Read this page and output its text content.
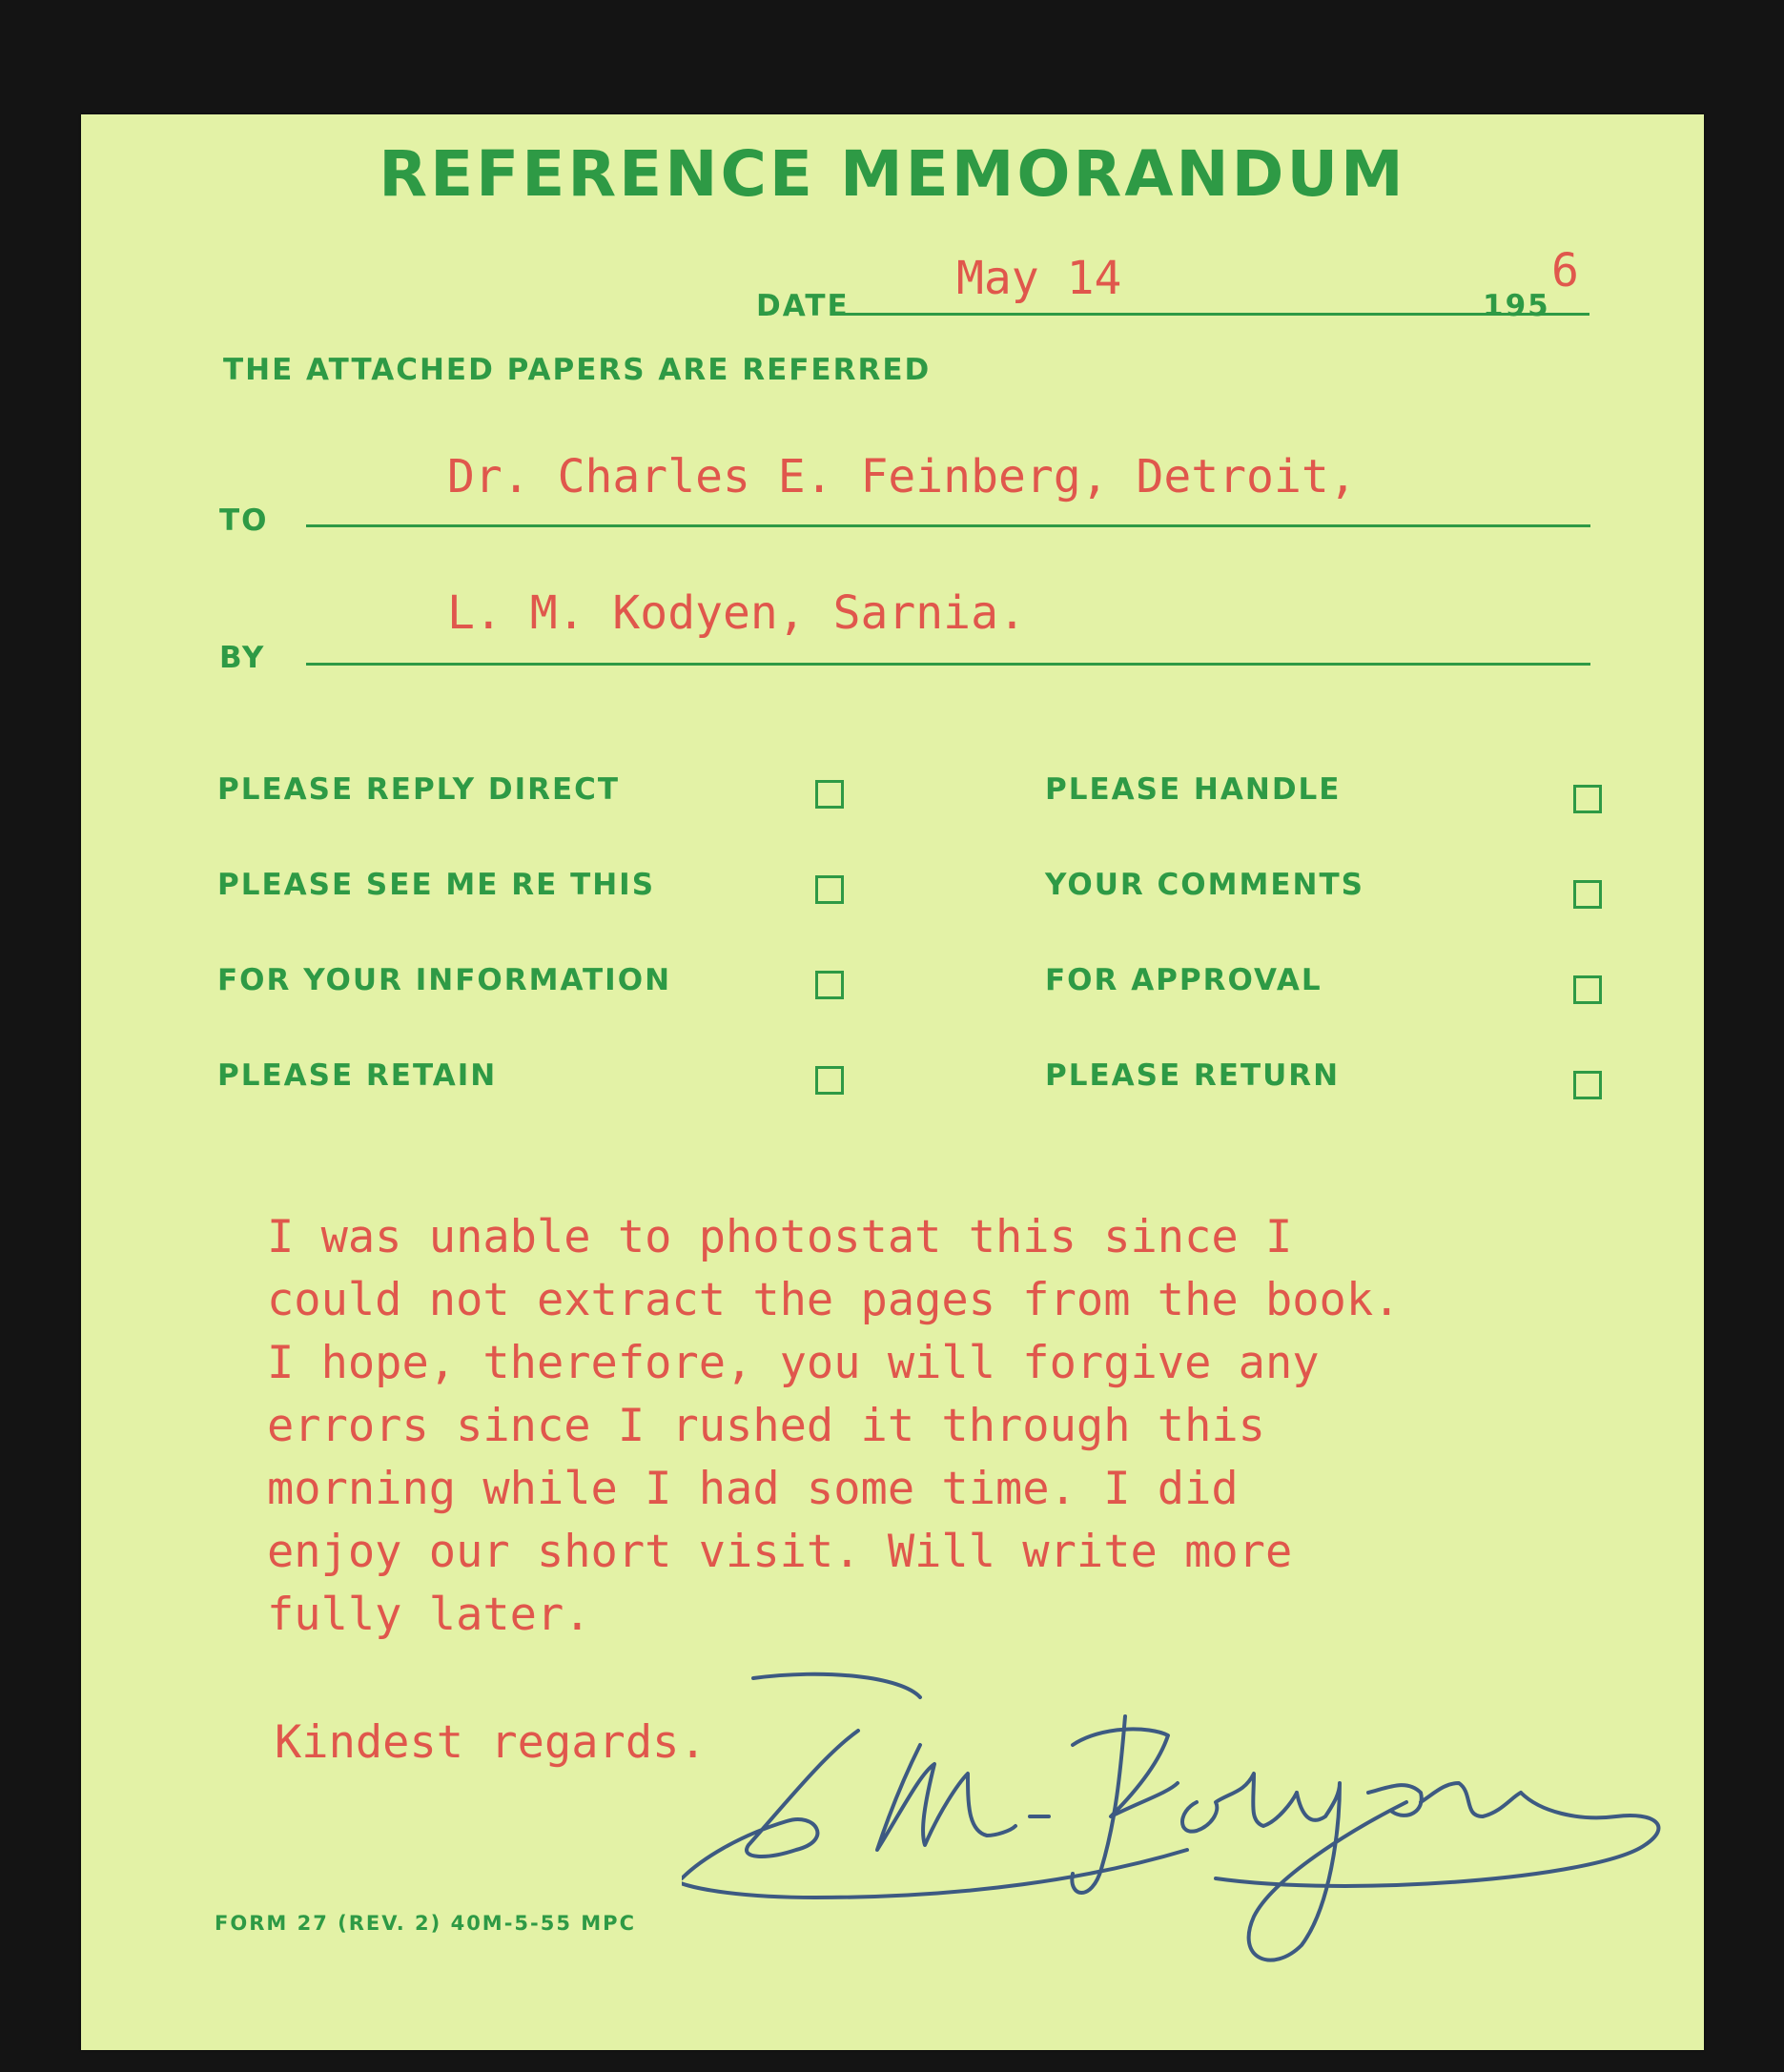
REFERENCE MEMORANDUM
DATE
May 14
195
6
THE ATTACHED PAPERS ARE REFERRED
TO
Dr. Charles E. Feinberg, Detroit,
BY
L. M. Kodyen, Sarnia.
PLEASE REPLY DIRECT
PLEASE SEE ME RE THIS
FOR YOUR INFORMATION
PLEASE RETAIN
PLEASE HANDLE
YOUR COMMENTS
FOR APPROVAL
PLEASE RETURN
I was unable to photostat this since I
could not extract the pages from the book.
I hope, therefore, you will forgive any
errors since I rushed it through this
morning while I had some time. I did
enjoy our short visit. Will write more
fully later.
Kindest regards.
FORM 27 (REV. 2) 40M-5-55 MPC
